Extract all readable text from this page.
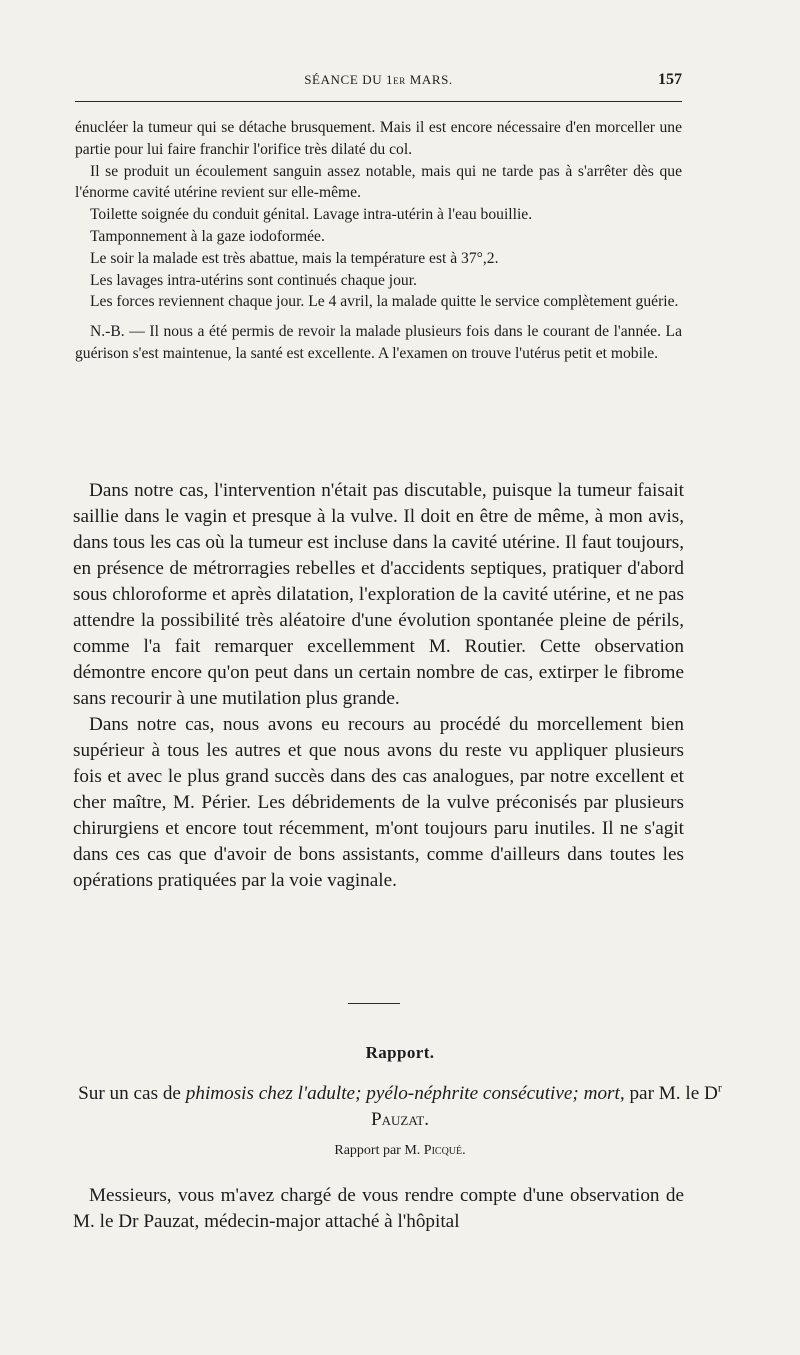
SÉANCE DU 1er MARS.	157

énucléer la tumeur qui se détache brusquement. Mais il est encore nécessaire d'en morceller une partie pour lui faire franchir l'orifice très dilaté du col.

Il se produit un écoulement sanguin assez notable, mais qui ne tarde pas à s'arrêter dès que l'énorme cavité utérine revient sur elle-même.

Toilette soignée du conduit génital. Lavage intra-utérin à l'eau bouillie.

Tamponnement à la gaze iodoformée.

Le soir la malade est très abattue, mais la température est à 37°,2.

Les lavages intra-utérins sont continués chaque jour.

Les forces reviennent chaque jour. Le 4 avril, la malade quitte le service complètement guérie.

N.-B. — Il nous a été permis de revoir la malade plusieurs fois dans le courant de l'année. La guérison s'est maintenue, la santé est excellente. A l'examen on trouve l'utérus petit et mobile.

Dans notre cas, l'intervention n'était pas discutable, puisque la tumeur faisait saillie dans le vagin et presque à la vulve. Il doit en être de même, à mon avis, dans tous les cas où la tumeur est incluse dans la cavité utérine. Il faut toujours, en présence de métrorragies rebelles et d'accidents septiques, pratiquer d'abord sous chloroforme et après dilatation, l'exploration de la cavité utérine, et ne pas attendre la possibilité très aléatoire d'une évolution spontanée pleine de périls, comme l'a fait remarquer excellemment M. Routier. Cette observation démontre encore qu'on peut dans un certain nombre de cas, extirper le fibrome sans recourir à une mutilation plus grande.

Dans notre cas, nous avons eu recours au procédé du morcellement bien supérieur à tous les autres et que nous avons du reste vu appliquer plusieurs fois et avec le plus grand succès dans des cas analogues, par notre excellent et cher maître, M. Périer. Les débridements de la vulve préconisés par plusieurs chirurgiens et encore tout récemment, m'ont toujours paru inutiles. Il ne s'agit dans ces cas que d'avoir de bons assistants, comme d'ailleurs dans toutes les opérations pratiquées par la voie vaginale.

Rapport.
Sur un cas de phimosis chez l'adulte; pyélo-néphrite consécutive; mort, par M. le $D^r$ Pauzat.
Rapport par M. Picqué.

Messieurs, vous m'avez chargé de vous rendre compte d'une observation de M. le Dr Pauzat, médecin-major attaché à l'hôpital
